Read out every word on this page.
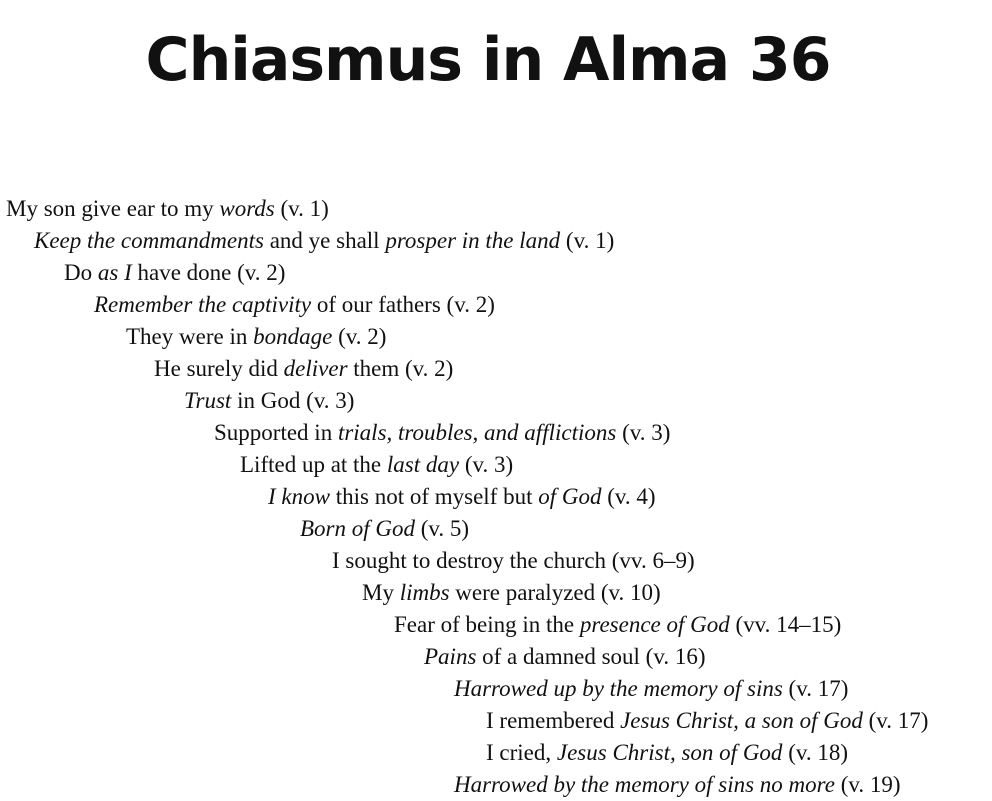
Chiasmus in Alma 36
My son give ear to my words (v. 1)
Keep the commandments and ye shall prosper in the land (v. 1)
Do as I have done (v. 2)
Remember the captivity of our fathers (v. 2)
They were in bondage (v. 2)
He surely did deliver them (v. 2)
Trust in God (v. 3)
Supported in trials, troubles, and afflictions (v. 3)
Lifted up at the last day (v. 3)
I know this not of myself but of God (v. 4)
Born of God (v. 5)
I sought to destroy the church (vv. 6–9)
My limbs were paralyzed (v. 10)
Fear of being in the presence of God (vv. 14–15)
Pains of a damned soul (v. 16)
Harrowed up by the memory of sins (v. 17)
I remembered Jesus Christ, a son of God (v. 17)
I cried, Jesus Christ, son of God (v. 18)
Harrowed by the memory of sins no more (v. 19)
